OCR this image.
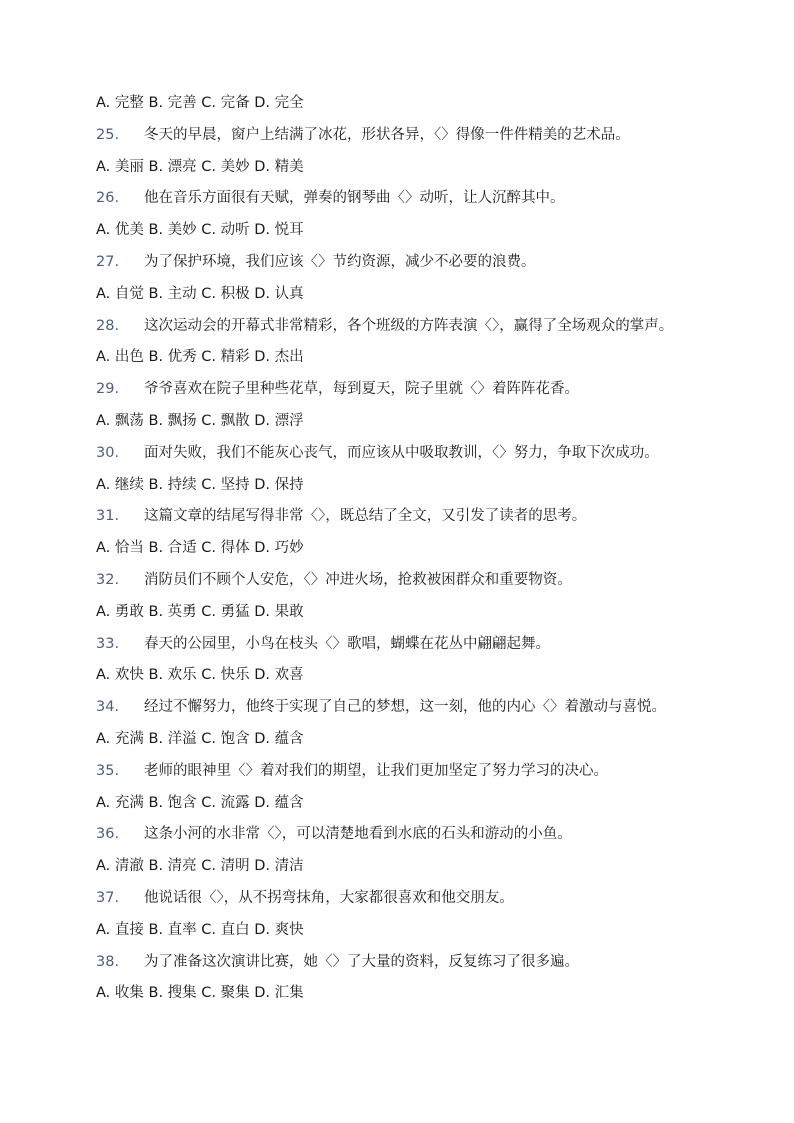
A. 完整 B. 完善 C. 完备 D. 完全
25.	冬天的早晨，窗户上结满了冰花，形状各异，〈〉得像一件件精美的艺术品。
A. 美丽 B. 漂亮 C. 美妙 D. 精美
26.	他在音乐方面很有天赋，弹奏的钢琴曲〈〉动听，让人沉醉其中。
A. 优美 B. 美妙 C. 动听 D. 悦耳
27.	为了保护环境，我们应该〈〉节约资源，减少不必要的浪费。
A. 自觉 B. 主动 C. 积极 D. 认真
28.	这次运动会的开幕式非常精彩，各个班级的方阵表演〈〉，赢得了全场观众的掌声。
A. 出色 B. 优秀 C. 精彩 D. 杰出
29.	爷爷喜欢在院子里种些花草，每到夏天，院子里就〈〉着阵阵花香。
A. 飘荡 B. 飘扬 C. 飘散 D. 漂浮
30.	面对失败，我们不能灰心丧气，而应该从中吸取教训，〈〉努力，争取下次成功。
A. 继续 B. 持续 C. 坚持 D. 保持
31.	这篇文章的结尾写得非常〈〉，既总结了全文，又引发了读者的思考。
A. 恰当 B. 合适 C. 得体 D. 巧妙
32.	消防员们不顾个人安危，〈〉冲进火场，抢救被困群众和重要物资。
A. 勇敢 B. 英勇 C. 勇猛 D. 果敢
33.	春天的公园里，小鸟在枝头〈〉歌唱，蝴蝶在花丛中翩翩起舞。
A. 欢快 B. 欢乐 C. 快乐 D. 欢喜
34.	经过不懈努力，他终于实现了自己的梦想，这一刻，他的内心〈〉着激动与喜悦。
A. 充满 B. 洋溢 C. 饱含 D. 蕴含
35.	老师的眼神里〈〉着对我们的期望，让我们更加坚定了努力学习的决心。
A. 充满 B. 饱含 C. 流露 D. 蕴含
36.	这条小河的水非常〈〉，可以清楚地看到水底的石头和游动的小鱼。
A. 清澈 B. 清亮 C. 清明 D. 清洁
37.	他说话很〈〉，从不拐弯抹角，大家都很喜欢和他交朋友。
A. 直接 B. 直率 C. 直白 D. 爽快
38.	为了准备这次演讲比赛，她〈〉了大量的资料，反复练习了很多遍。
A. 收集 B. 搜集 C. 聚集 D. 汇集
